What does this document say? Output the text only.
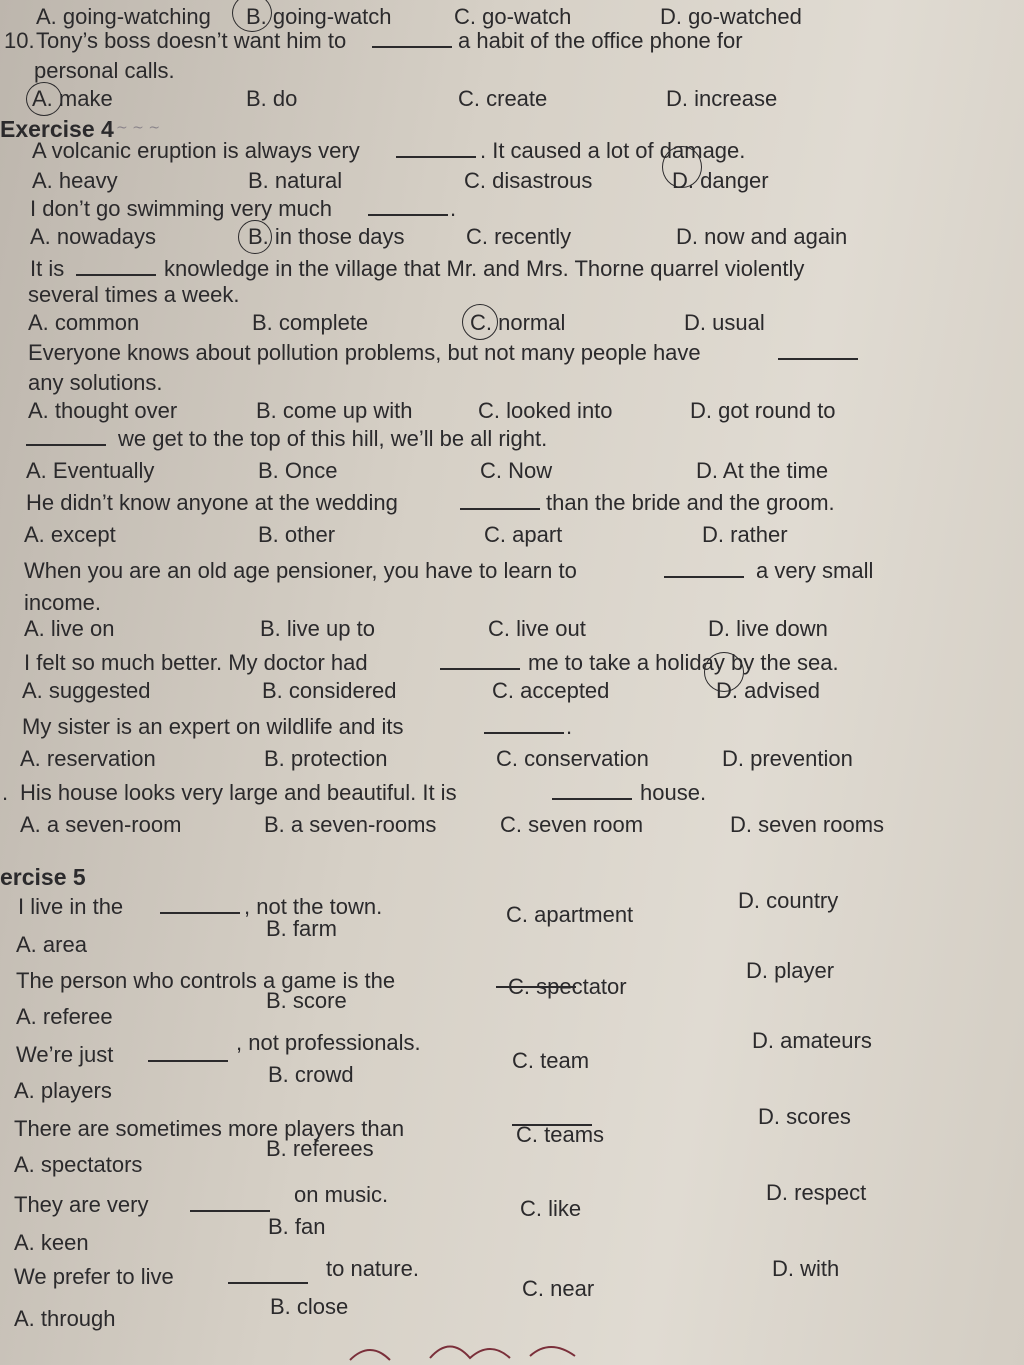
A. going-watching B. going-watch	C. go-watch	D. go-watched
10. Tony’s boss doesn’t want him to	a habit of the office phone for
personal calls.
A. make	B. do	C. create	D. increase
Exercise 4 ~ ~ ~
A volcanic eruption is always very	. It caused a lot of damage.
A. heavy	B. natural	C. disastrous	D. danger
I don’t go swimming very much	.
A. nowadays	B. in those days	C. recently	D. now and again
It is	knowledge in the village that Mr. and Mrs. Thorne quarrel violently
several times a week.
A. common	B. complete	C. normal	D. usual
Everyone knows about pollution problems, but not many people have
any solutions.
A. thought over	B. come up with	C. looked into	D. got round to
we get to the top of this hill, we’ll be all right.
A. Eventually	B. Once	C. Now	D. At the time
He didn’t know anyone at the wedding	than the bride and the groom.
A. except	B. other	C. apart	D. rather
When you are an old age pensioner, you have to learn to	a very small
income.
A. live on	B. live up to	C. live out	D. live down
I felt so much better. My doctor had	me to take a holiday by the sea.
A. suggested	B. considered	C. accepted	D. advised
My sister is an expert on wildlife and its	.
A. reservation	B. protection	C. conservation	D. prevention
. His house looks very large and beautiful. It is	house.
A. a seven-room	B. a seven-rooms	C. seven room	D. seven rooms
ercise 5
I live in the	, not the town.
A. area
B. farm
C. apartment
D. country
The person who controls a game is the
A. referee
B. score
C. spectator
D. player
We’re just	, not professionals.
A. players
B. crowd
C. team
D. amateurs
There are sometimes more players than
A. spectators
B. referees
C. teams
D. scores
They are very	on music.
A. keen
B. fan
C. like
D. respect
We prefer to live	to nature.
A. through	B. close
C. near
D. with
